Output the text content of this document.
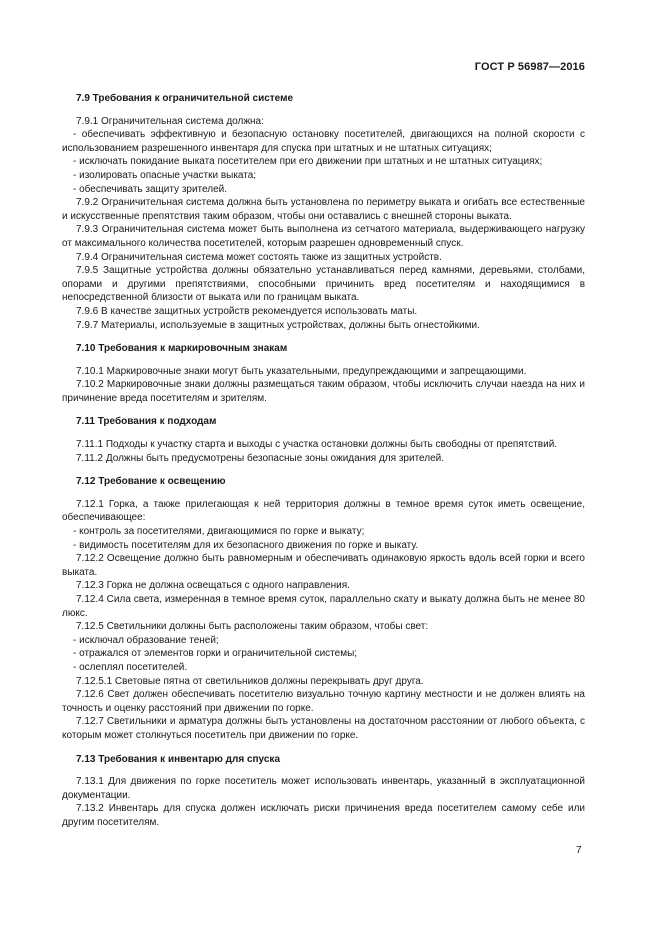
ГОСТ Р 56987—2016

7.9 Требования к ограничительной системе

7.9.1 Ограничительная система должна:

- обеспечивать эффективную и безопасную остановку посетителей, двигающихся на полной скорости с использованием разрешенного инвентаря для спуска при штатных и не штатных ситуациях;

- исключать покидание выката посетителем при его движении при штатных и не штатных ситуациях;

- изолировать опасные участки выката;

- обеспечивать защиту зрителей.

7.9.2 Ограничительная система должна быть установлена по периметру выката и огибать все естественные и искусственные препятствия таким образом, чтобы они оставались с внешней стороны выката.

7.9.3 Ограничительная система может быть выполнена из сетчатого материала, выдерживающего нагрузку от максимального количества посетителей, которым разрешен одновременный спуск.

7.9.4 Ограничительная система может состоять также из защитных устройств.

7.9.5 Защитные устройства должны обязательно устанавливаться перед камнями, деревьями, столбами, опорами и другими препятствиями, способными причинить вред посетителям и находящимися в непосредственной близости от выката или по границам выката.

7.9.6 В качестве защитных устройств рекомендуется использовать маты.

7.9.7 Материалы, используемые в защитных устройствах, должны быть огнестойкими.

7.10 Требования к маркировочным знакам

7.10.1 Маркировочные знаки могут быть указательными, предупреждающими и запрещающими.

7.10.2 Маркировочные знаки должны размещаться таким образом, чтобы исключить случаи наезда на них и причинение вреда посетителям и зрителям.

7.11 Требования к подходам

7.11.1 Подходы к участку старта и выходы с участка остановки должны быть свободны от препятствий.

7.11.2 Должны быть предусмотрены безопасные зоны ожидания для зрителей.

7.12 Требование к освещению

7.12.1 Горка, а также прилегающая к ней территория должны в темное время суток иметь освещение, обеспечивающее:

- контроль за посетителями, двигающимися по горке и выкату;

- видимость посетителям для их безопасного движения по горке и выкату.

7.12.2 Освещение должно быть равномерным и обеспечивать одинаковую яркость вдоль всей горки и всего выката.

7.12.3 Горка не должна освещаться с одного направления.

7.12.4 Сила света, измеренная в темное время суток, параллельно скату и выкату должна быть не менее 80 люкс.

7.12.5 Светильники должны быть расположены таким образом, чтобы свет:

- исключал образование теней;

- отражался от элементов горки и ограничительной системы;

- ослеплял посетителей.

7.12.5.1 Световые пятна от светильников должны перекрывать друг друга.

7.12.6 Свет должен обеспечивать посетителю визуально точную картину местности и не должен влиять на точность и оценку расстояний при движении по горке.

7.12.7 Светильники и арматура должны быть установлены на достаточном расстоянии от любого объекта, с которым может столкнуться посетитель при движении по горке.

7.13 Требования к инвентарю для спуска

7.13.1 Для движения по горке посетитель может использовать инвентарь, указанный в эксплуатационной документации.

7.13.2 Инвентарь для спуска должен исключать риски причинения вреда посетителем самому себе или другим посетителям.

7
